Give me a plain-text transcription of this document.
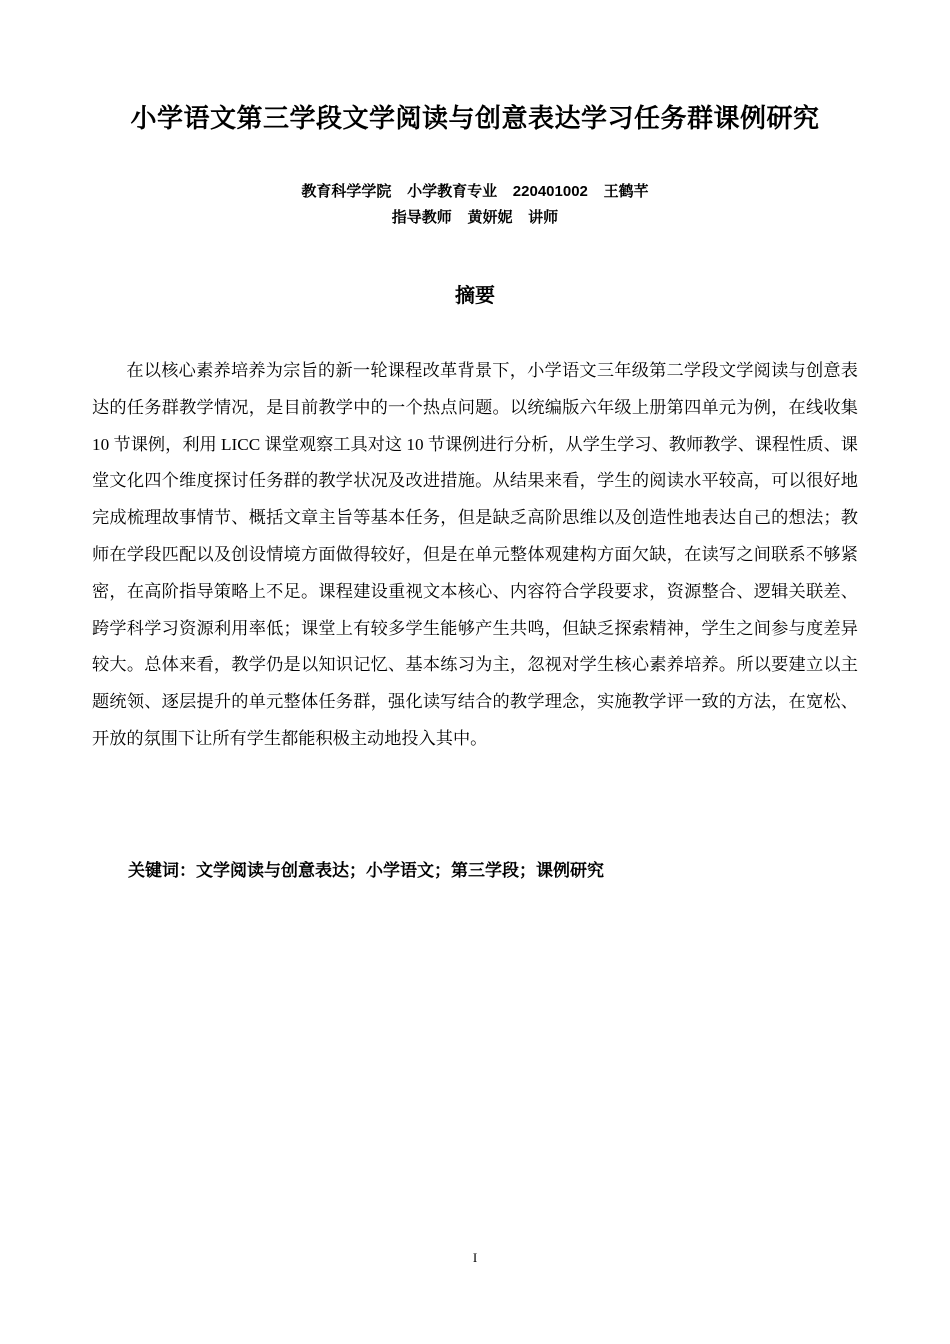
小学语文第三学段文学阅读与创意表达学习任务群课例研究
教育科学学院 小学教育专业 220401002 王鹤芊
指导教师 黄妍妮 讲师
摘要

在以核心素养培养为宗旨的新一轮课程改革背景下，小学语文三年级第二学段文学阅读与创意表达的任务群教学情况，是目前教学中的一个热点问题。以统编版六年级上册第四单元为例，在线收集 10 节课例，利用 LICC 课堂观察工具对这 10 节课例进行分析，从学生学习、教师教学、课程性质、课堂文化四个维度探讨任务群的教学状况及改进措施。从结果来看，学生的阅读水平较高，可以很好地完成梳理故事情节、概括文章主旨等基本任务，但是缺乏高阶思维以及创造性地表达自己的想法；教师在学段匹配以及创设情境方面做得较好，但是在单元整体观建构方面欠缺，在读写之间联系不够紧密，在高阶指导策略上不足。课程建设重视文本核心、内容符合学段要求，资源整合、逻辑关联差、跨学科学习资源利用率低；课堂上有较多学生能够产生共鸣，但缺乏探索精神，学生之间参与度差异较大。总体来看，教学仍是以知识记忆、基本练习为主，忽视对学生核心素养培养。所以要建立以主题统领、逐层提升的单元整体任务群，强化读写结合的教学理念，实施教学评一致的方法，在宽松、开放的氛围下让所有学生都能积极主动地投入其中。

关键词：文学阅读与创意表达；小学语文；第三学段；课例研究
I
